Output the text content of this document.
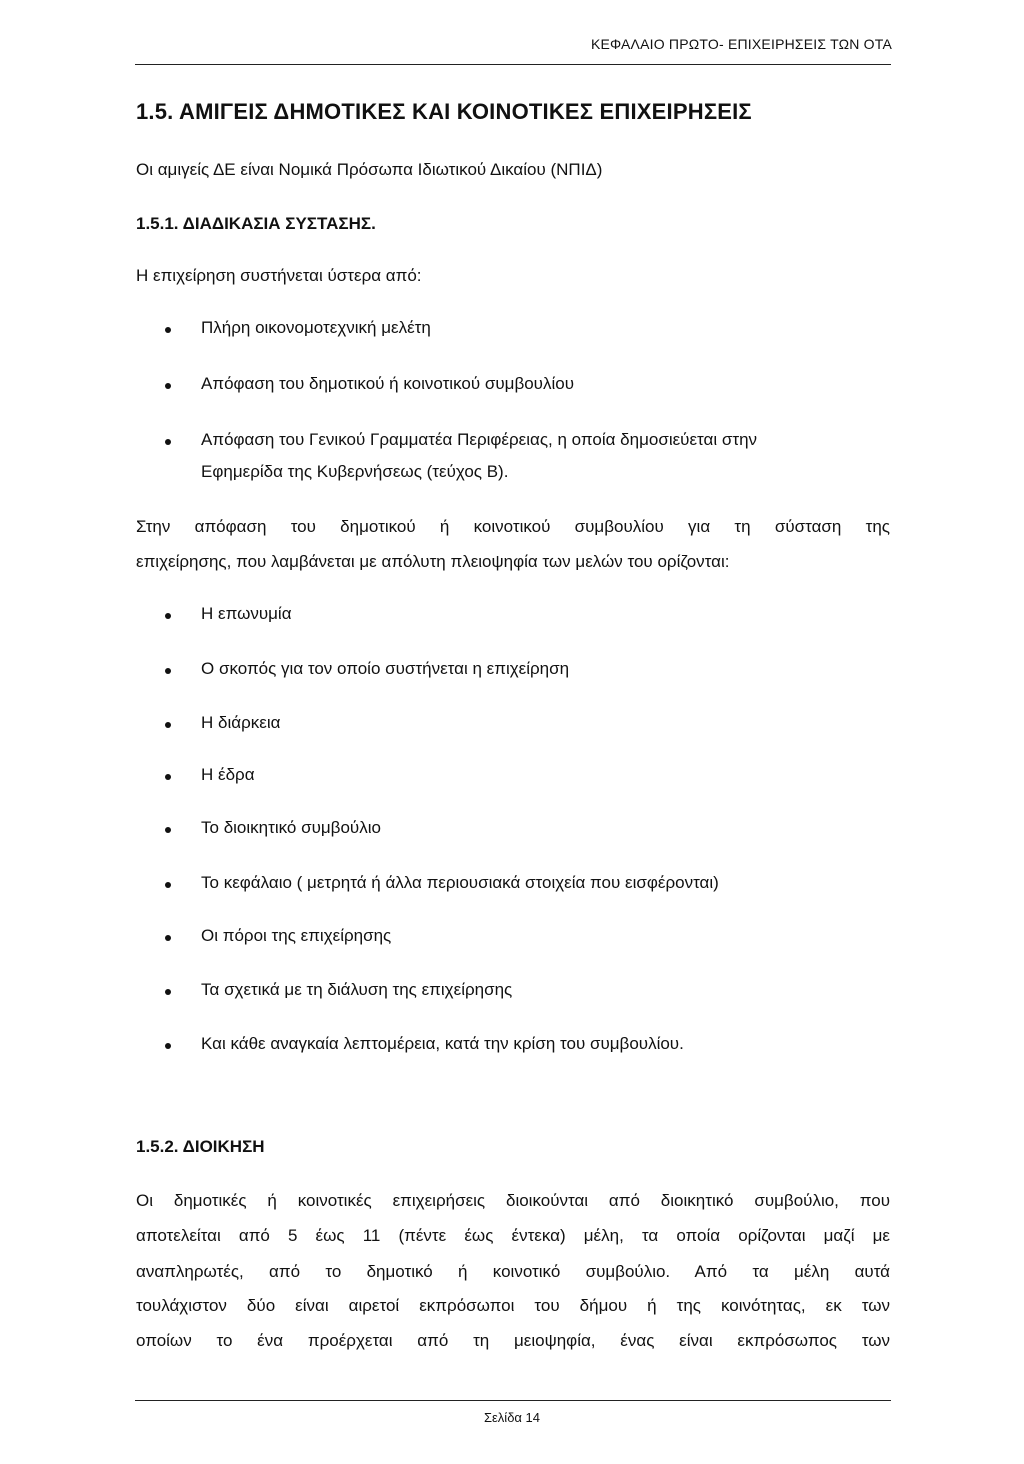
ΚΕΦΑΛΑΙΟ ΠΡΩΤΟ- ΕΠΙΧΕΙΡΗΣΕΙΣ ΤΩΝ ΟΤΑ
1.5. ΑΜΙΓΕΙΣ ΔΗΜΟΤΙΚΕΣ ΚΑΙ ΚΟΙΝΟΤΙΚΕΣ ΕΠΙΧΕΙΡΗΣΕΙΣ
Οι αμιγείς ΔΕ είναι Νομικά Πρόσωπα Ιδιωτικού Δικαίου (ΝΠΙΔ)
1.5.1. ΔΙΑΔΙΚΑΣΙΑ ΣΥΣΤΑΣΗΣ.
Η επιχείρηση συστήνεται ύστερα από:
Πλήρη οικονομοτεχνική μελέτη
Απόφαση του δημοτικού ή κοινοτικού συμβουλίου
Απόφαση του Γενικού Γραμματέα Περιφέρειας, η οποία δημοσιεύεται στην
Εφημερίδα της Κυβερνήσεως (τεύχος Β).
Στην απόφαση του δημοτικού ή κοινοτικού συμβουλίου για τη σύσταση της
επιχείρησης, που λαμβάνεται με απόλυτη πλειοψηφία των μελών του ορίζονται:
Η επωνυμία
Ο σκοπός για τον οποίο συστήνεται η επιχείρηση
Η διάρκεια
Η έδρα
Το διοικητικό συμβούλιο
Το κεφάλαιο ( μετρητά ή άλλα περιουσιακά στοιχεία που εισφέρονται)
Οι πόροι της επιχείρησης
Τα σχετικά με τη διάλυση της επιχείρησης
Και κάθε αναγκαία λεπτομέρεια, κατά την κρίση του συμβουλίου.
1.5.2. ΔΙΟΙΚΗΣΗ
Οι δημοτικές ή κοινοτικές επιχειρήσεις διοικούνται από διοικητικό συμβούλιο, που
αποτελείται από 5 έως 11 (πέντε έως έντεκα) μέλη, τα οποία ορίζονται μαζί με
αναπληρωτές, από το δημοτικό ή κοινοτικό συμβούλιο. Από τα μέλη αυτά
τουλάχιστον δύο είναι αιρετοί εκπρόσωποι του δήμου ή της κοινότητας, εκ των
οποίων το ένα προέρχεται από τη μειοψηφία, ένας είναι εκπρόσωπος των
Σελίδα 14
